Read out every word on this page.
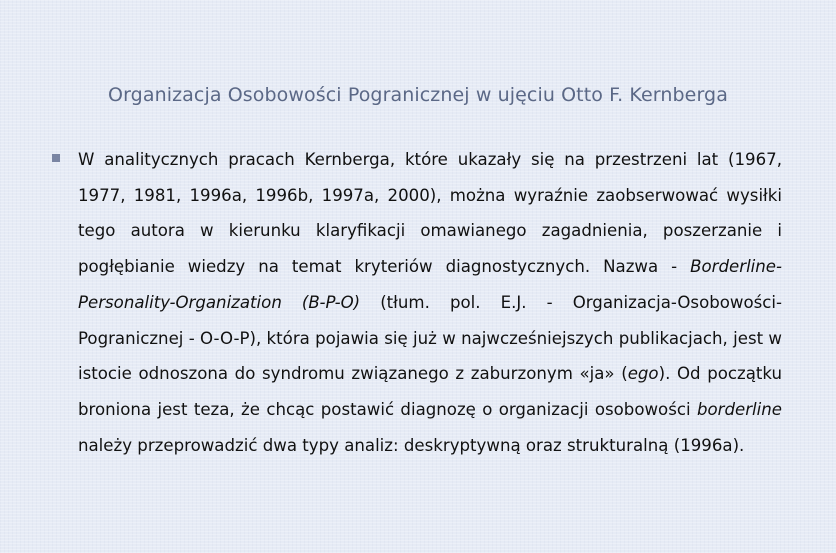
Organizacja Osobowości Pogranicznej w ujęciu Otto F. Kernberga

W analitycznych pracach Kernberga, które ukazały się na przestrzeni lat (1967, 1977, 1981, 1996a, 1996b, 1997a, 2000), można wyraźnie zaobserwować wysiłki tego autora w kierunku klaryfikacji omawianego zagadnienia, poszerzanie i pogłębianie wiedzy na temat kryteriów diagnostycznych. Nazwa - Borderline-Personality-Organization (B-P-O) (tłum. pol. E.J. - Organizacja-Osobowości-Pogranicznej - O-O-P), która pojawia się już w najwcześniejszych publikacjach, jest w istocie odnoszona do syndromu związanego z zaburzonym «ja» (ego). Od początku broniona jest teza, że chcąc postawić diagnozę o organizacji osobowości borderline należy przeprowadzić dwa typy analiz: deskryptywną oraz strukturalną (1996a).
